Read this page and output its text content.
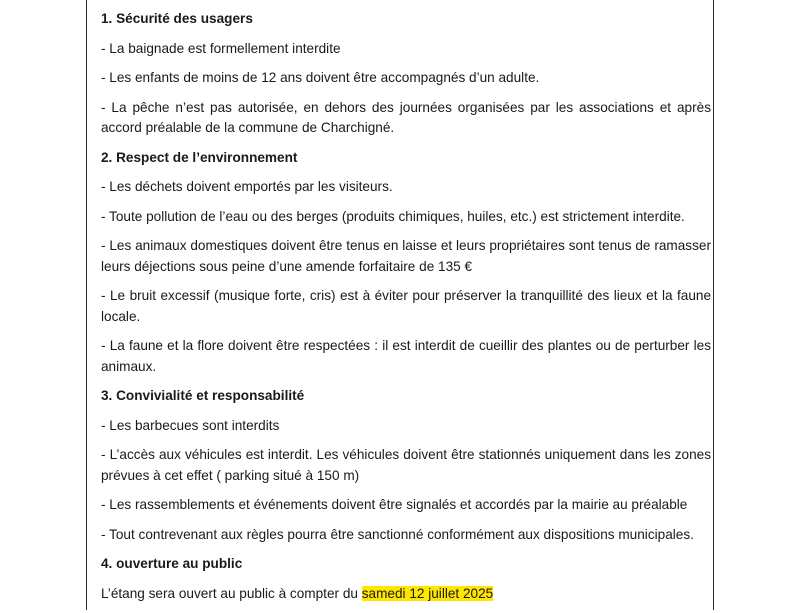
1. Sécurité des usagers
- La baignade est formellement interdite
- Les enfants de moins de 12 ans doivent être accompagnés d’un adulte.
- La pêche n’est pas autorisée, en dehors des journées organisées par les associations et après accord préalable de la commune de Charchigné.
2. Respect de l’environnement
- Les déchets doivent emportés par les visiteurs.
- Toute pollution de l’eau ou des berges (produits chimiques, huiles, etc.) est strictement interdite.
- Les animaux domestiques doivent être tenus en laisse et leurs propriétaires sont tenus de ramasser leurs déjections sous peine d’une amende forfaitaire de 135 €
- Le bruit excessif (musique forte, cris) est à éviter pour préserver la tranquillité des lieux et la faune locale.
- La faune et la flore doivent être respectées : il est interdit de cueillir des plantes ou de perturber les animaux.
3. Convivialité et responsabilité
- Les barbecues sont interdits
- L’accès aux véhicules est interdit. Les véhicules doivent être stationnés uniquement dans les zones prévues à cet effet ( parking situé à 150 m)
- Les rassemblements et événements doivent être signalés et accordés par la mairie au préalable
- Tout contrevenant aux règles pourra être sanctionné conformément aux dispositions municipales.
4. ouverture au public
L’étang sera ouvert au public à compter du samedi 12 juillet 2025
